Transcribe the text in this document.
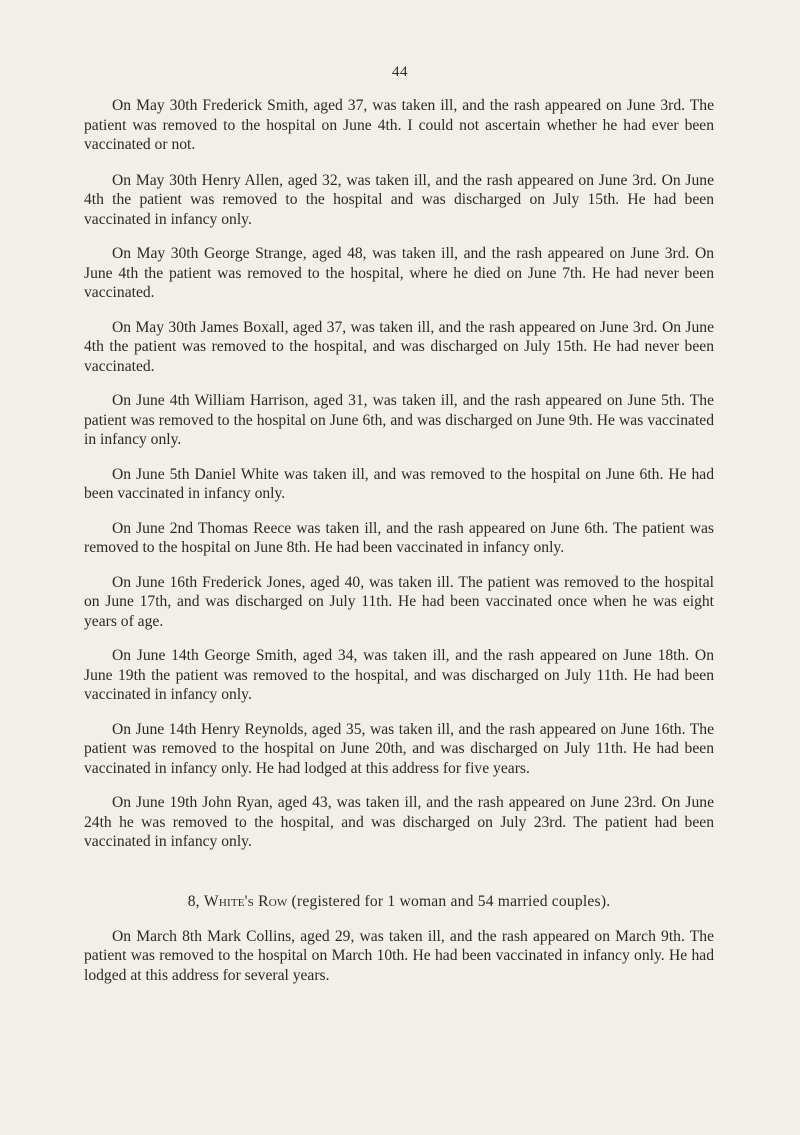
44

On May 30th Frederick Smith, aged 37, was taken ill, and the rash appeared on June 3rd. The patient was removed to the hospital on June 4th. I could not ascertain whether he had ever been vaccinated or not.

On May 30th Henry Allen, aged 32, was taken ill, and the rash appeared on June 3rd. On June 4th the patient was removed to the hospital and was discharged on July 15th. He had been vaccinated in infancy only.

On May 30th George Strange, aged 48, was taken ill, and the rash appeared on June 3rd. On June 4th the patient was removed to the hospital, where he died on June 7th. He had never been vaccinated.

On May 30th James Boxall, aged 37, was taken ill, and the rash appeared on June 3rd. On June 4th the patient was removed to the hospital, and was discharged on July 15th. He had never been vaccinated.

On June 4th William Harrison, aged 31, was taken ill, and the rash appeared on June 5th. The patient was removed to the hospital on June 6th, and was discharged on June 9th. He was vaccinated in infancy only.

On June 5th Daniel White was taken ill, and was removed to the hospital on June 6th. He had been vaccinated in infancy only.

On June 2nd Thomas Reece was taken ill, and the rash appeared on June 6th. The patient was removed to the hospital on June 8th. He had been vaccinated in infancy only.

On June 16th Frederick Jones, aged 40, was taken ill. The patient was removed to the hospital on June 17th, and was discharged on July 11th. He had been vaccinated once when he was eight years of age.

On June 14th George Smith, aged 34, was taken ill, and the rash appeared on June 18th. On June 19th the patient was removed to the hospital, and was discharged on July 11th. He had been vaccinated in infancy only.

On June 14th Henry Reynolds, aged 35, was taken ill, and the rash appeared on June 16th. The patient was removed to the hospital on June 20th, and was discharged on July 11th. He had been vaccinated in infancy only. He had lodged at this address for five years.

On June 19th John Ryan, aged 43, was taken ill, and the rash appeared on June 23rd. On June 24th he was removed to the hospital, and was discharged on July 23rd. The patient had been vaccinated in infancy only.

8, White's Row (registered for 1 woman and 54 married couples).

On March 8th Mark Collins, aged 29, was taken ill, and the rash appeared on March 9th. The patient was removed to the hospital on March 10th. He had been vaccinated in infancy only. He had lodged at this address for several years.
